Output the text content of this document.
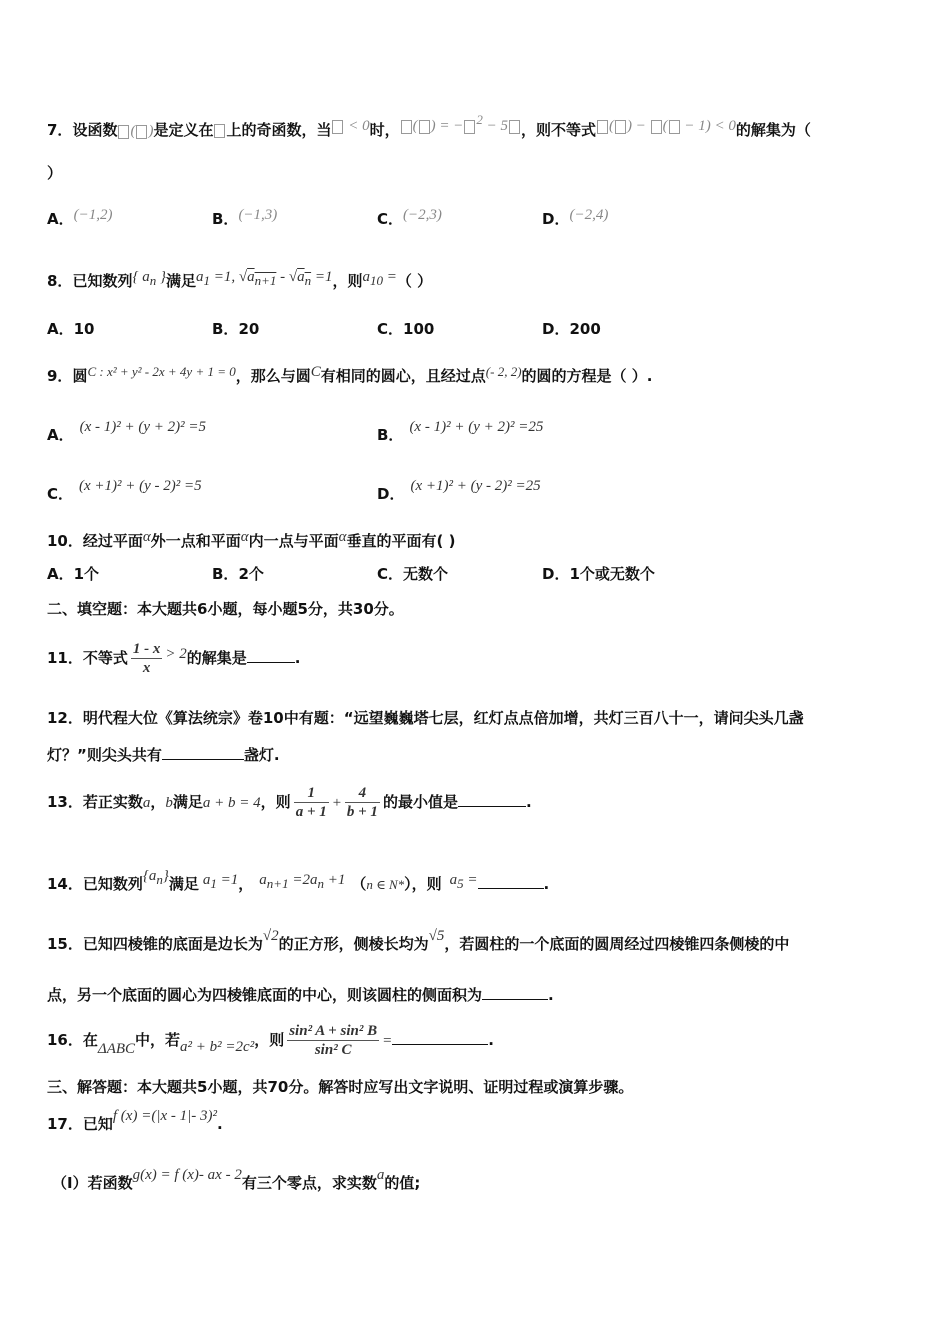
7．设函数 ( )是定义在 上的奇函数，当 < 0时， ( ) = − $^2$ − 5 ，则不等式 ( ) − ( − 1) < 0的解集为（
）
A．(−1,2)	B．(−1,3)	C．(−2,3)	D．(−2,4)
8．已知数列{ $a_n$ }满足$a_1 =1$, $√a_{n+1} - √a_n =1$，则$a_{10}$ =（ ）
A．10	B．20	C．100	D．200
9．圆C : x² + y² - 2x + 4y + 1 = 0，那么与圆C有相同的圆心，且经过点(- 2, 2)的圆的方程是（ ）.
A． (x - 1)² + (y + 2)² =5	B． (x - 1)² + (y + 2)² =25
C． (x +1)² + (y - 2)² =5	D． (x +1)² + (y - 2)² =25
10．经过平面α外一点和平面α内一点与平面α垂直的平面有( )
A．1个	B．2个	C．无数个	D．1个或无数个
二、填空题：本大题共6小题，每小题5分，共30分。
11．不等式 $\frac{1 - x}{x} > 2$的解集是	.
12．明代程大位《算法统宗》卷10中有题：“远望巍巍塔七层，红灯点点倍加增，共灯三百八十一，请问尖头几盏
灯？”则尖头共有	盏灯.
13．若正实数a，b满足a + b = 4，则 $\frac{1}{a + 1} + \frac{4}{b + 1}$ 的最小值是	.
14．已知数列$\{a_n\}$满足 $a_1 =1$， $a_{n+1} =2a_n +1$ （n ∈ N*），则 $a_5$ =	.
15．已知四棱锥的底面是边长为√2的正方形，侧棱长均为√5，若圆柱的一个底面的圆周经过四棱锥四条侧棱的中
点，另一个底面的圆心为四棱锥底面的中心，则该圆柱的侧面积为	.
16．在ΔABC中，若a² + b² =2c²，则 $\frac{\text{sin² A + sin² B}}{\text{sin² C}}$ =	.
三、解答题：本大题共5小题，共70分。解答时应写出文字说明、证明过程或演算步骤。
17．已知f (x) =(|x - 1|- 3)².
（I）若函数g(x) = f (x)- ax - 2有三个零点，求实数a的值;
